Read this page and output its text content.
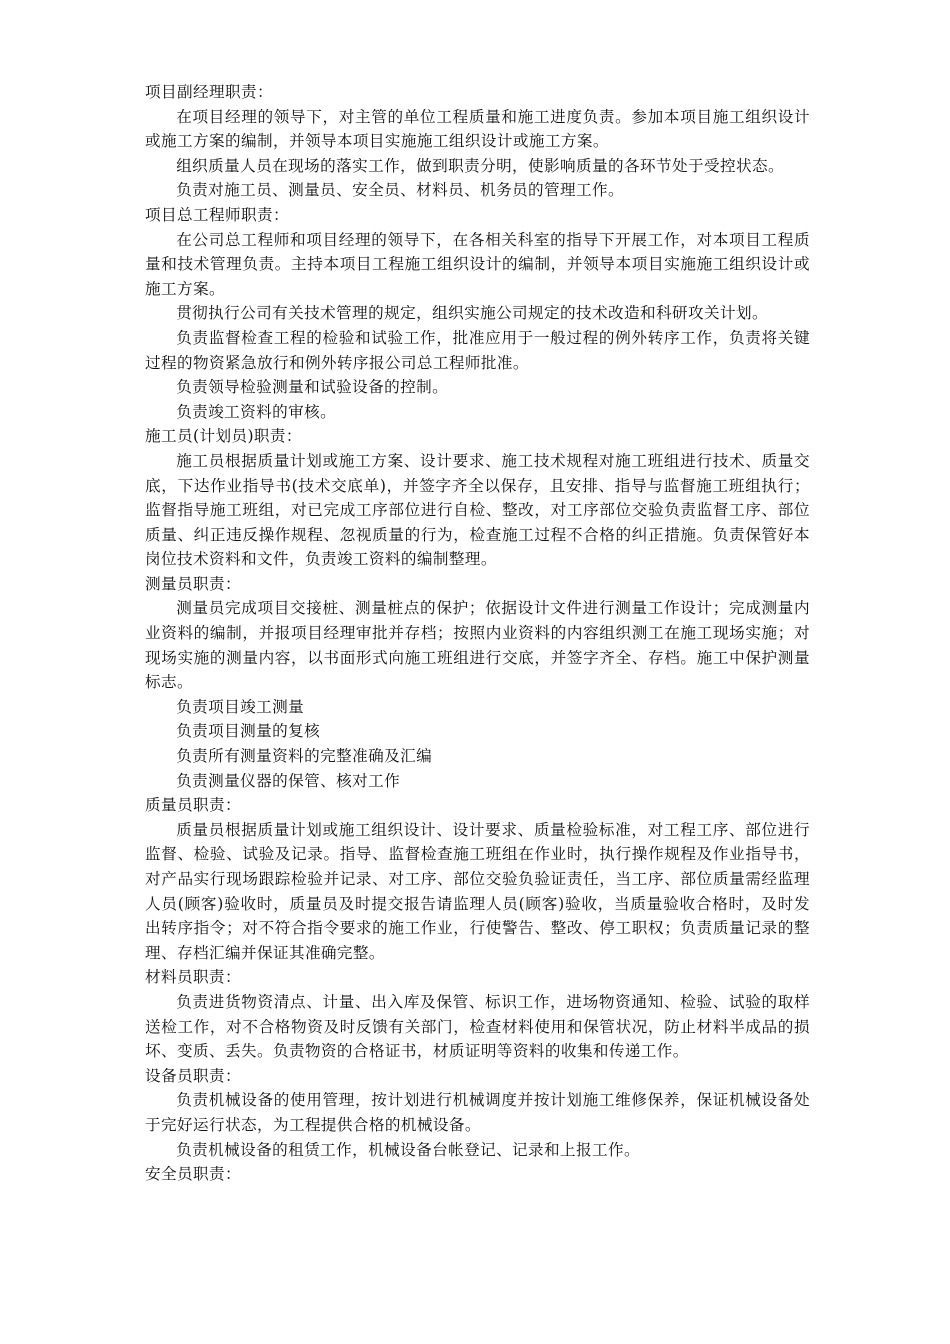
项目副经理职责：

在项目经理的领导下，对主管的单位工程质量和施工进度负责。参加本项目施工组织设计或施工方案的编制，并领导本项目实施施工组织设计或施工方案。

组织质量人员在现场的落实工作，做到职责分明，使影响质量的各环节处于受控状态。

负责对施工员、测量员、安全员、材料员、机务员的管理工作。

项目总工程师职责：

在公司总工程师和项目经理的领导下，在各相关科室的指导下开展工作，对本项目工程质量和技术管理负责。主持本项目工程施工组织设计的编制，并领导本项目实施施工组织设计或施工方案。

贯彻执行公司有关技术管理的规定，组织实施公司规定的技术改造和科研攻关计划。

负责监督检查工程的检验和试验工作，批准应用于一般过程的例外转序工作，负责将关键过程的物资紧急放行和例外转序报公司总工程师批准。

负责领导检验测量和试验设备的控制。

负责竣工资料的审核。

施工员(计划员)职责：

施工员根据质量计划或施工方案、设计要求、施工技术规程对施工班组进行技术、质量交底，下达作业指导书(技术交底单)，并签字齐全以保存，且安排、指导与监督施工班组执行；监督指导施工班组，对已完成工序部位进行自检、整改，对工序部位交验负责监督工序、部位质量、纠正违反操作规程、忽视质量的行为，检查施工过程不合格的纠正措施。负责保管好本岗位技术资料和文件，负责竣工资料的编制整理。

测量员职责：

测量员完成项目交接桩、测量桩点的保护；依据设计文件进行测量工作设计；完成测量内业资料的编制，并报项目经理审批并存档；按照内业资料的内容组织测工在施工现场实施；对现场实施的测量内容，以书面形式向施工班组进行交底，并签字齐全、存档。施工中保护测量标志。

负责项目竣工测量

负责项目测量的复核

负责所有测量资料的完整准确及汇编

负责测量仪器的保管、核对工作

质量员职责：

质量员根据质量计划或施工组织设计、设计要求、质量检验标准，对工程工序、部位进行监督、检验、试验及记录。指导、监督检查施工班组在作业时，执行操作规程及作业指导书，对产品实行现场跟踪检验并记录、对工序、部位交验负验证责任，当工序、部位质量需经监理人员(顾客)验收时，质量员及时提交报告请监理人员(顾客)验收，当质量验收合格时，及时发出转序指令；对不符合指令要求的施工作业，行使警告、整改、停工职权；负责质量记录的整理、存档汇编并保证其准确完整。

材料员职责：

负责进货物资清点、计量、出入库及保管、标识工作，进场物资通知、检验、试验的取样送检工作，对不合格物资及时反馈有关部门，检查材料使用和保管状况，防止材料半成品的损坏、变质、丢失。负责物资的合格证书，材质证明等资料的收集和传递工作。

设备员职责：

负责机械设备的使用管理，按计划进行机械调度并按计划施工维修保养，保证机械设备处于完好运行状态，为工程提供合格的机械设备。

负责机械设备的租赁工作，机械设备台帐登记、记录和上报工作。

安全员职责：
